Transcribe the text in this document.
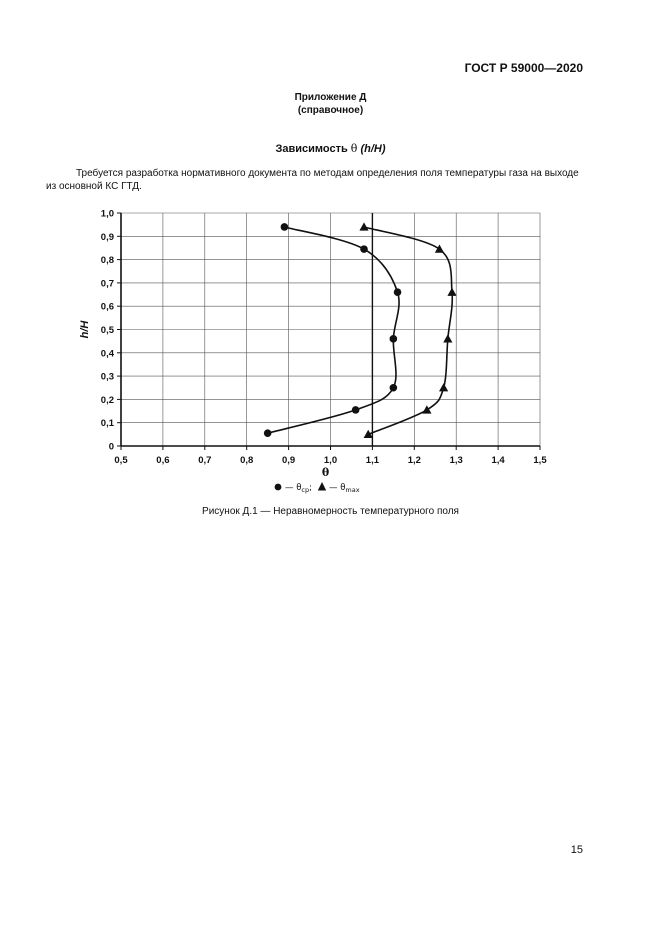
ГОСТ Р 59000—2020
Приложение Д
(справочное)
Зависимость θ (h/H)
Требуется разработка нормативного документа по методам определения поля температуры газа на выходе
из основной КС ГТД.
0,5	0,6	0,7	0,8	0,9	1,0	1,1	1,2	1,3	1,4	1,5
0
0,1
0,2
0,3
0,4
0,5
0,6
0,7
0,8
0,9
1,0
θ
h/H
— $\theta_{ср}$; — $\theta_{max}$
Рисунок Д.1 — Неравномерность температурного поля
15
